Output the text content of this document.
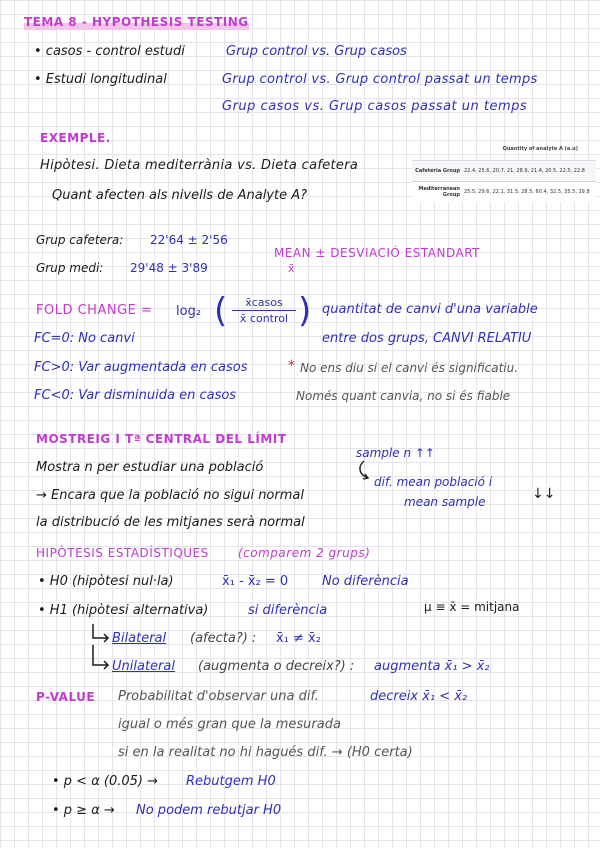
TEMA 8 - HYPOTHESIS TESTING
• casos - control estudi	Grup control vs. Grup casos
• Estudi longitudinal	Grup control vs. Grup control passat un temps
Grup casos vs. Grup casos passat un temps
EXEMPLE.
Hipòtesi. Dieta mediterrània vs. Dieta cafetera
Quant afecten als nivells de Analyte A?
Quantity of analyte A (a.u)
Cafeteria Group 22.4, 25.6, 20.7, 21, 28.9, 21.4, 20.5, 22.5, 22.8
Mediterranean Group 25.5, 29.6, 22.1, 31.5, 28.5, 60.4, 32.5, 35.5, 29.8
Grup cafetera: 22'64 ± 2'56
Grup medi: 29'48 ± 3'89
MEAN ± DESVIACIÓ ESTANDART
x̄
FOLD CHANGE = log₂ (	x̄casos
x̄ control ) quantitat de canvi d'una variable
entre dos grups, CANVI RELATIU
FC=0: No canvi
FC>0: Var augmentada en casos
FC<0: Var disminuida en casos
* No ens diu si el canvi és significatiu.
Només quant canvia, no si és fiable
MOSTREIG I Tª CENTRAL DEL LÍMIT
sample n ↑↑
Mostra n per estudiar una població
dif. mean població i
mean sample	↓↓
→ Encara que la població no sigui normal
la distribució de les mitjanes serà normal
HIPÒTESIS ESTADÍSTIQUES (comparem 2 grups)
• H0 (hipòtesi nul·la)	x̄₁ - x̄₂ = 0	No diferència
• H1 (hipòtesi alternativa)	si diferència	μ ≡ x̄ = mitjana
Bilateral (afecta?) : x̄₁ ≠ x̄₂
Unilateral (augmenta o decreix?) : augmenta x̄₁ > x̄₂
P-VALUE Probabilitat d'observar una dif.	decreix x̄₁ < x̄₂
igual o més gran que la mesurada
si en la realitat no hi hagués dif. → (H0 certa)
• p < α (0.05) → Rebutgem H0
• p ≥ α → No podem rebutjar H0
